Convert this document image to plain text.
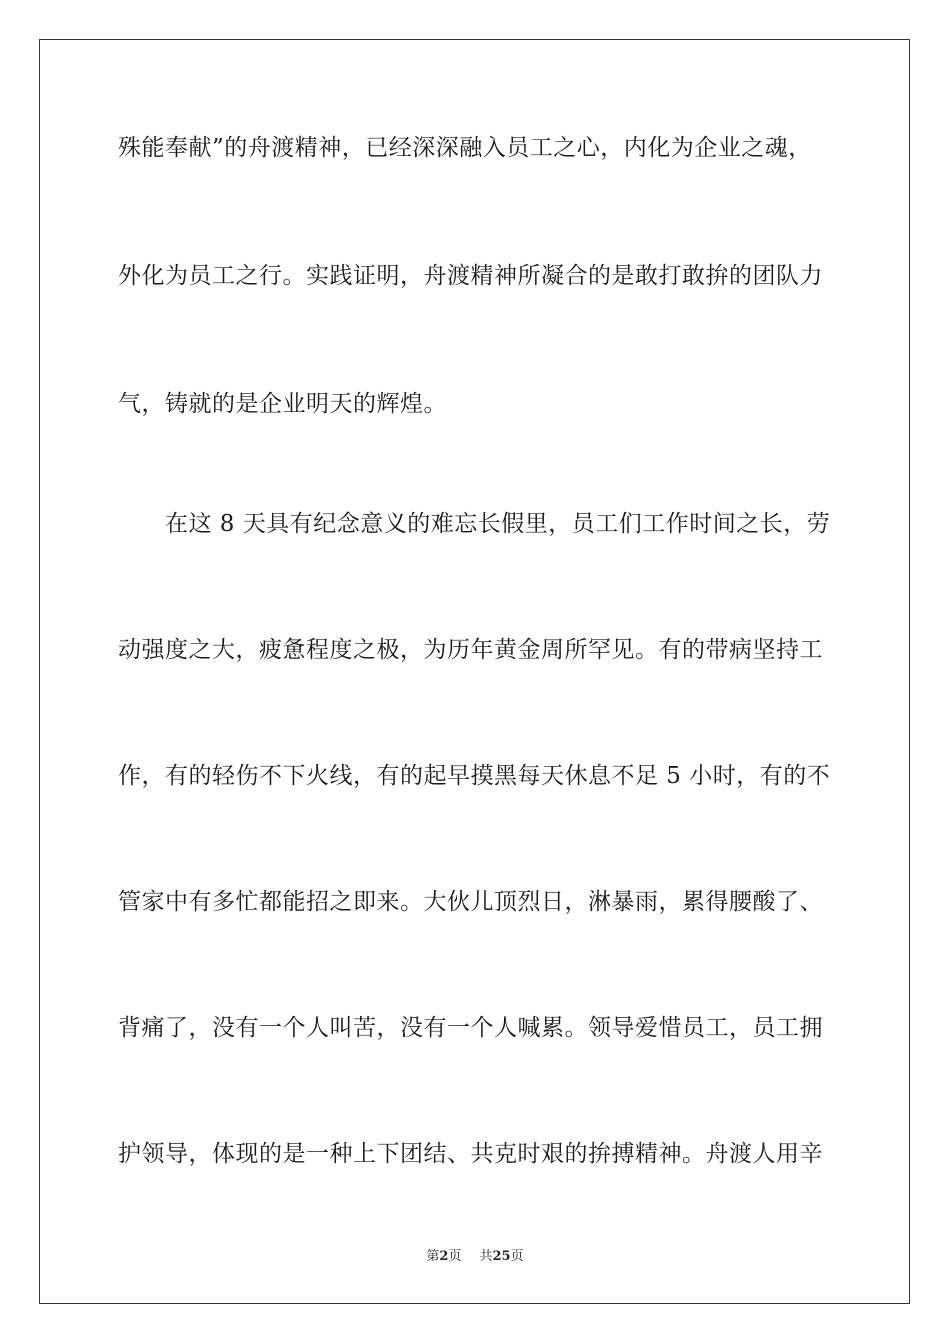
殊能奉献”的舟渡精神，已经深深融入员工之心，内化为企业之魂，
外化为员工之行。实践证明，舟渡精神所凝合的是敢打敢拚的团队力
气，铸就的是企业明天的辉煌。
　　在这 8 天具有纪念意义的难忘长假里，员工们工作时间之长，劳
动强度之大，疲惫程度之极，为历年黄金周所罕见。有的带病坚持工
作，有的轻伤不下火线，有的起早摸黑每天休息不足 5 小时，有的不
管家中有多忙都能招之即来。大伙儿顶烈日，淋暴雨，累得腰酸了、
背痛了，没有一个人叫苦，没有一个人喊累。领导爱惜员工，员工拥
护领导，体现的是一种上下团结、共克时艰的拚搏精神。舟渡人用辛
第2页 共25页
